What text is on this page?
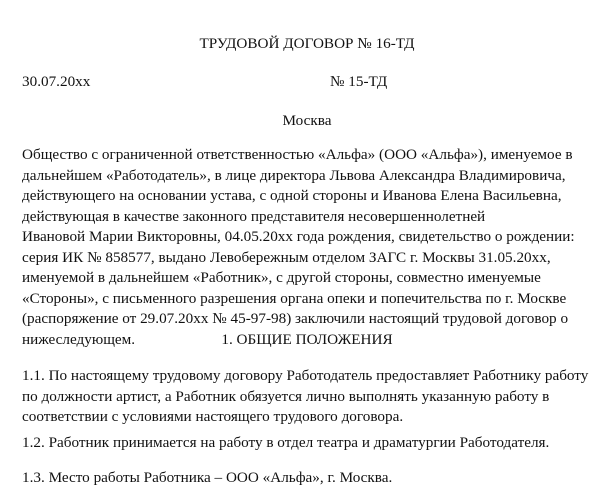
ТРУДОВОЙ ДОГОВОР № 16-ТД
30.07.20xx	№ 15-ТД
Москва
Общество с ограниченной ответственностью «Альфа» (ООО «Альфа»), именуемое в
дальнейшем «Работодатель», в лице директора Львова Александра Владимировича,
действующего на основании устава, с одной стороны и Иванова Елена Васильевна,
действующая в качестве законного представителя несовершеннолетней
Ивановой Марии Викторовны, 04.05.20xx года рождения, свидетельство о рождении:
серия ИК № 858577, выдано Левобережным отделом ЗАГС г. Москвы 31.05.20xx,
именуемой в дальнейшем «Работник», с другой стороны, совместно именуемые
«Стороны», с письменного разрешения органа опеки и попечительства по г. Москве
(распоряжение от 29.07.20xx № 45-97-98) заключили настоящий трудовой договор о
нижеследующем.	1. ОБЩИЕ ПОЛОЖЕНИЯ
1.1. По настоящему трудовому договору Работодатель предоставляет Работнику работу
по должности артист, а Работник обязуется лично выполнять указанную работу в
соответствии с условиями настоящего трудового договора.
1.2. Работник принимается на работу в отдел театра и драматургии Работодателя.
1.3. Место работы Работника – ООО «Альфа», г. Москва.
